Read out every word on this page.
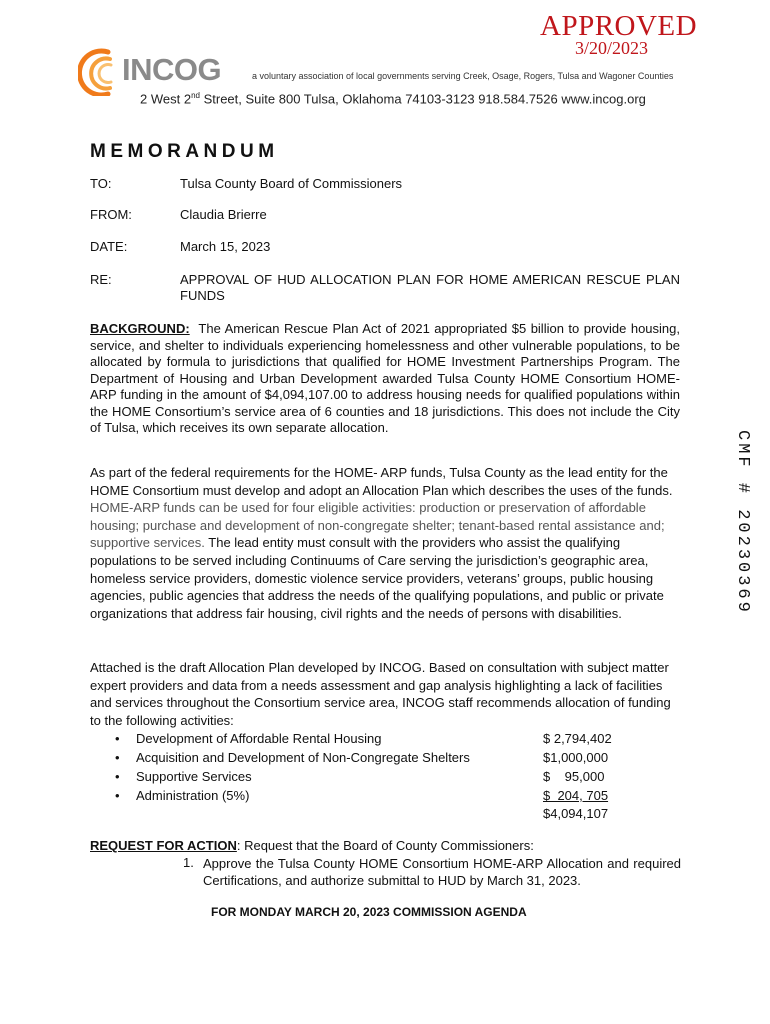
APPROVED
3/20/2023
INCOG	a voluntary association of local governments serving Creek, Osage, Rogers, Tulsa and Wagoner Counties
2 West 2nd Street, Suite 800 Tulsa, Oklahoma 74103-3123 918.584.7526 www.incog.org
MEMORANDUM
TO:	Tulsa County Board of Commissioners
FROM:	Claudia Brierre
DATE:	March 15, 2023
RE:	APPROVAL OF HUD ALLOCATION PLAN FOR HOME AMERICAN RESCUE PLAN FUNDS
BACKGROUND: The American Rescue Plan Act of 2021 appropriated $5 billion to provide housing, service, and shelter to individuals experiencing homelessness and other vulnerable populations, to be allocated by formula to jurisdictions that qualified for HOME Investment Partnerships Program. The Department of Housing and Urban Development awarded Tulsa County HOME Consortium HOME-ARP funding in the amount of $4,094,107.00 to address housing needs for qualified populations within the HOME Consortium’s service area of 6 counties and 18 jurisdictions. This does not include the City of Tulsa, which receives its own separate allocation.
As part of the federal requirements for the HOME- ARP funds, Tulsa County as the lead entity for the HOME Consortium must develop and adopt an Allocation Plan which describes the uses of the funds. HOME-ARP funds can be used for four eligible activities: production or preservation of affordable housing; purchase and development of non-congregate shelter; tenant-based rental assistance and; supportive services. The lead entity must consult with the providers who assist the qualifying populations to be served including Continuums of Care serving the jurisdiction’s geographic area, homeless service providers, domestic violence service providers, veterans’ groups, public housing agencies, public agencies that address the needs of the qualifying populations, and public or private organizations that address fair housing, civil rights and the needs of persons with disabilities.
Attached is the draft Allocation Plan developed by INCOG. Based on consultation with subject matter expert providers and data from a needs assessment and gap analysis highlighting a lack of facilities and services throughout the Consortium service area, INCOG staff recommends allocation of funding to the following activities:
• Development of Affordable Rental Housing	$ 2,794,402
• Acquisition and Development of Non-Congregate Shelters	$1,000,000
• Supportive Services	$    95,000
• Administration (5%)	$  204, 705
$4,094,107
REQUEST FOR ACTION: Request that the Board of County Commissioners:
1. Approve the Tulsa County HOME Consortium HOME-ARP Allocation and required Certifications, and authorize submittal to HUD by March 31, 2023.
FOR MONDAY MARCH 20, 2023 COMMISSION AGENDA
CMF # 20230369
